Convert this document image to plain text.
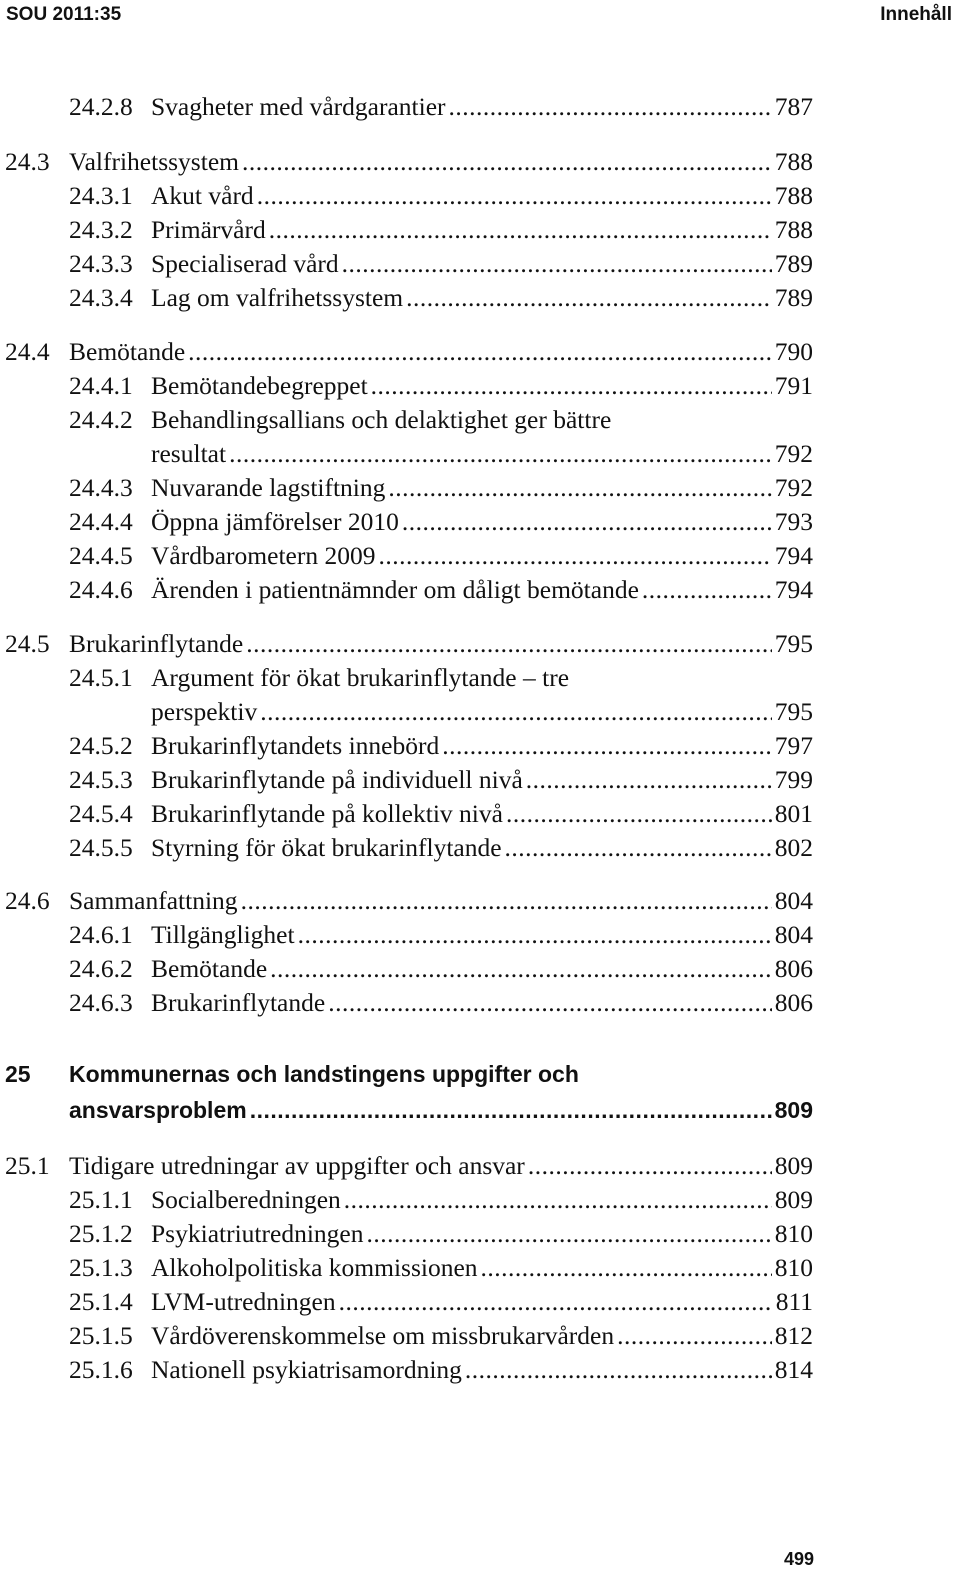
SOU 2011:35	Innehåll
24.2.8 Svagheter med vårdgarantier .....	787
24.3 Valfrihetssystem .....	788
24.3.1 Akut vård .....	788
24.3.2 Primärvård .....	788
24.3.3 Specialiserad vård .....	789
24.3.4 Lag om valfrihetssystem .....	789
24.4 Bemötande .....	790
24.4.1 Bemötandebegreppet .....	791
24.4.2 Behandlingsallians och delaktighet ger bättre
resultat .....	792
24.4.3 Nuvarande lagstiftning .....	792
24.4.4 Öppna jämförelser 2010 .....	793
24.4.5 Vårdbarometern 2009 .....	794
24.4.6 Ärenden i patientnämnder om dåligt bemötande .....	794
24.5 Brukarinflytande .....	795
24.5.1 Argument för ökat brukarinflytande – tre
perspektiv .....	795
24.5.2 Brukarinflytandets innebörd .....	797
24.5.3 Brukarinflytande på individuell nivå .....	799
24.5.4 Brukarinflytande på kollektiv nivå .....	801
24.5.5 Styrning för ökat brukarinflytande .....	802
24.6 Sammanfattning .....	804
24.6.1 Tillgänglighet .....	804
24.6.2 Bemötande .....	806
24.6.3 Brukarinflytande .....	806
25	Kommunernas och landstingens uppgifter och
ansvarsproblem .....	809
25.1 Tidigare utredningar av uppgifter och ansvar .....	809
25.1.1 Socialberedningen .....	809
25.1.2 Psykiatriutredningen .....	810
25.1.3 Alkoholpolitiska kommissionen .....	810
25.1.4 LVM-utredningen .....	811
25.1.5 Vårdöverenskommelse om missbrukarvården .....	812
25.1.6 Nationell psykiatrisamordning .....	814
499
